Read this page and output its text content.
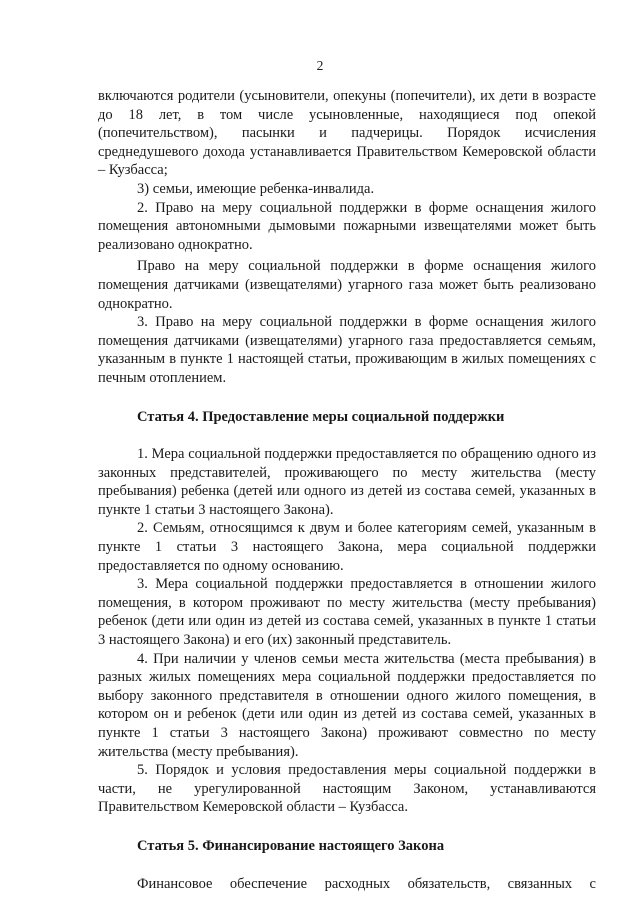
2

включаются родители (усыновители, опекуны (попечители), их дети в возрасте до 18 лет, в том числе усыновленные, находящиеся под опекой (попечительством), пасынки и падчерицы. Порядок исчисления среднедушевого дохода устанавливается Правительством Кемеровской области – Кузбасса;

3) семьи, имеющие ребенка-инвалида.

2. Право на меру социальной поддержки в форме оснащения жилого помещения автономными дымовыми пожарными извещателями может быть реализовано однократно.

Право на меру социальной поддержки в форме оснащения жилого помещения датчиками (извещателями) угарного газа может быть реализовано однократно.

3. Право на меру социальной поддержки в форме оснащения жилого помещения датчиками (извещателями) угарного газа предоставляется семьям, указанным в пункте 1 настоящей статьи, проживающим в жилых помещениях с печным отоплением.

Статья 4. Предоставление меры социальной поддержки

1. Мера социальной поддержки предоставляется по обращению одного из законных представителей, проживающего по месту жительства (месту пребывания) ребенка (детей или одного из детей из состава семей, указанных в пункте 1 статьи 3 настоящего Закона).

2. Семьям, относящимся к двум и более категориям семей, указанным в пункте 1 статьи 3 настоящего Закона, мера социальной поддержки предоставляется по одному основанию.

3. Мера социальной поддержки предоставляется в отношении жилого помещения, в котором проживают по месту жительства (месту пребывания) ребенок (дети или один из детей из состава семей, указанных в пункте 1 статьи 3 настоящего Закона) и его (их) законный представитель.

4. При наличии у членов семьи места жительства (места пребывания) в разных жилых помещениях мера социальной поддержки предоставляется по выбору законного представителя в отношении одного жилого помещения, в котором он и ребенок (дети или один из детей из состава семей, указанных в пункте 1 статьи 3 настоящего Закона) проживают совместно по месту жительства (месту пребывания).

5. Порядок и условия предоставления меры социальной поддержки в части, не урегулированной настоящим Законом, устанавливаются Правительством Кемеровской области – Кузбасса.

Статья 5. Финансирование настоящего Закона

Финансовое обеспечение расходных обязательств, связанных с
